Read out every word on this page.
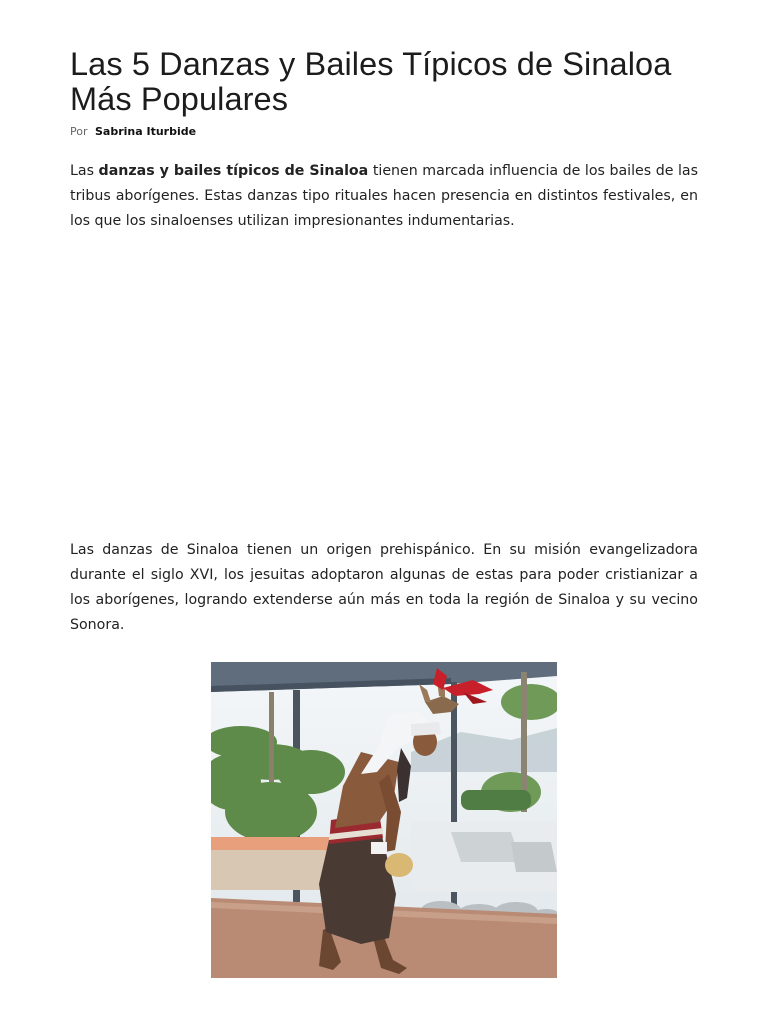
Las 5 Danzas y Bailes Típicos de Sinaloa Más Populares
Por Sabrina Iturbide

Las danzas y bailes típicos de Sinaloa tienen marcada influencia de los bailes de las tribus aborígenes. Estas danzas tipo rituales hacen presencia en distintos festivales, en los que los sinaloenses utilizan impresionantes indumentarias.

Las danzas de Sinaloa tienen un origen prehispánico. En su misión evangelizadora durante el siglo XVI, los jesuitas adoptaron algunas de estas para poder cristianizar a los aborígenes, logrando extenderse aún más en toda la región de Sinaloa y su vecino Sonora.
